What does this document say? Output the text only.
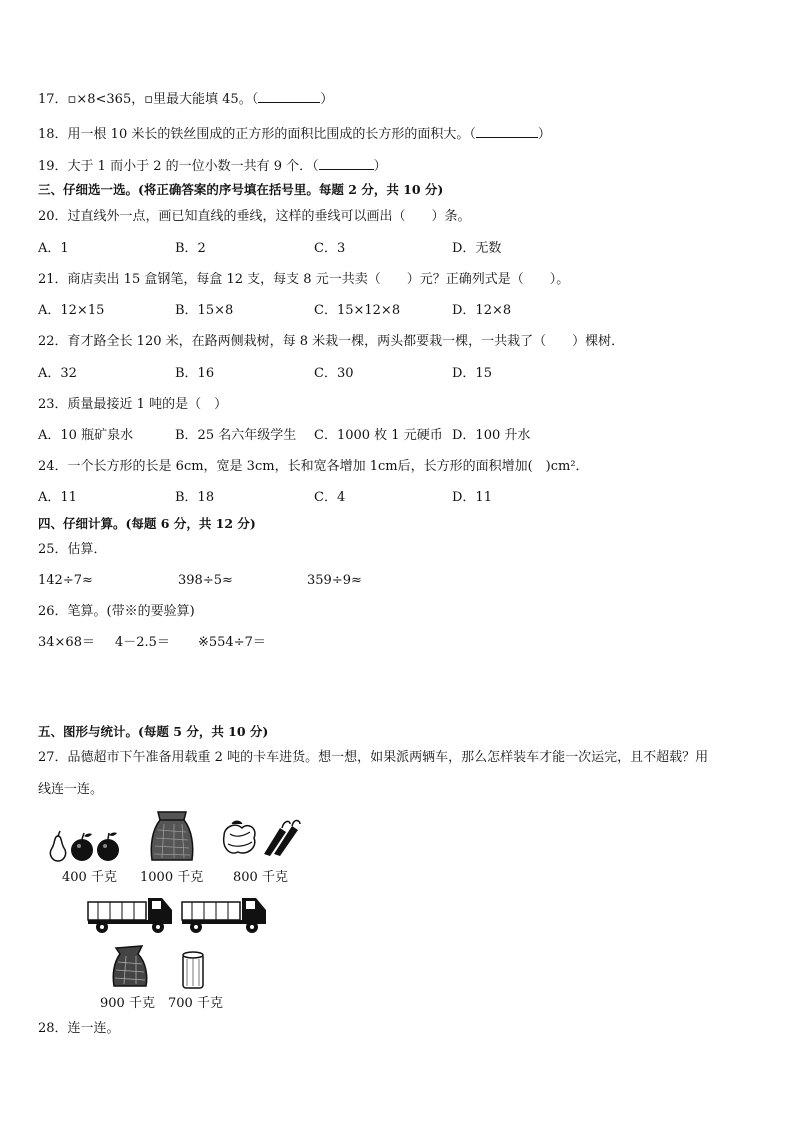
17．▫×8<365，▫里最大能填 45。（	）
18．用一根 10 米长的铁丝围成的正方形的面积比围成的长方形的面积大。（	）
19．大于 1 而小于 2 的一位小数一共有 9 个．（	）
三、仔细选一选。(将正确答案的序号填在括号里。每题 2 分，共 10 分)
20．过直线外一点，画已知直线的垂线，这样的垂线可以画出（　　）条。
A．1	B．2	C．3	D．无数
21．商店卖出 15 盒钢笔，每盒 12 支，每支 8 元一共卖（　　）元？正确列式是（　　）。
A．12×15	B．15×8	C．15×12×8	D．12×8
22．育才路全长 120 米，在路两侧栽树，每 8 米栽一棵，两头都要栽一棵，一共栽了（　　）棵树．
A．32	B．16	C．30	D．15
23．质量最接近 1 吨的是（　）
A．10 瓶矿泉水	B．25 名六年级学生 C．1000 枚 1 元硬币 D．100 升水
24．一个长方形的长是 6cm，宽是 3cm，长和宽各增加 1cm后，长方形的面积增加(　)cm²．
A．11	B．18	C．4	D．11
四、仔细计算。(每题 6 分，共 12 分)
25．估算．
142÷7≈	398÷5≈	359÷9≈
26．笔算。(带※的要验算)
34×68＝ 4－2.5＝ ※554÷7＝
五、图形与统计。(每题 5 分，共 10 分)
27．品德超市下午准备用载重 2 吨的卡车进货。想一想，如果派两辆车，那么怎样装车才能一次运完，且不超载？用
线连一连。
400 千克 1000 千克 800 千克
900 千克 700 千克
28．连一连。
